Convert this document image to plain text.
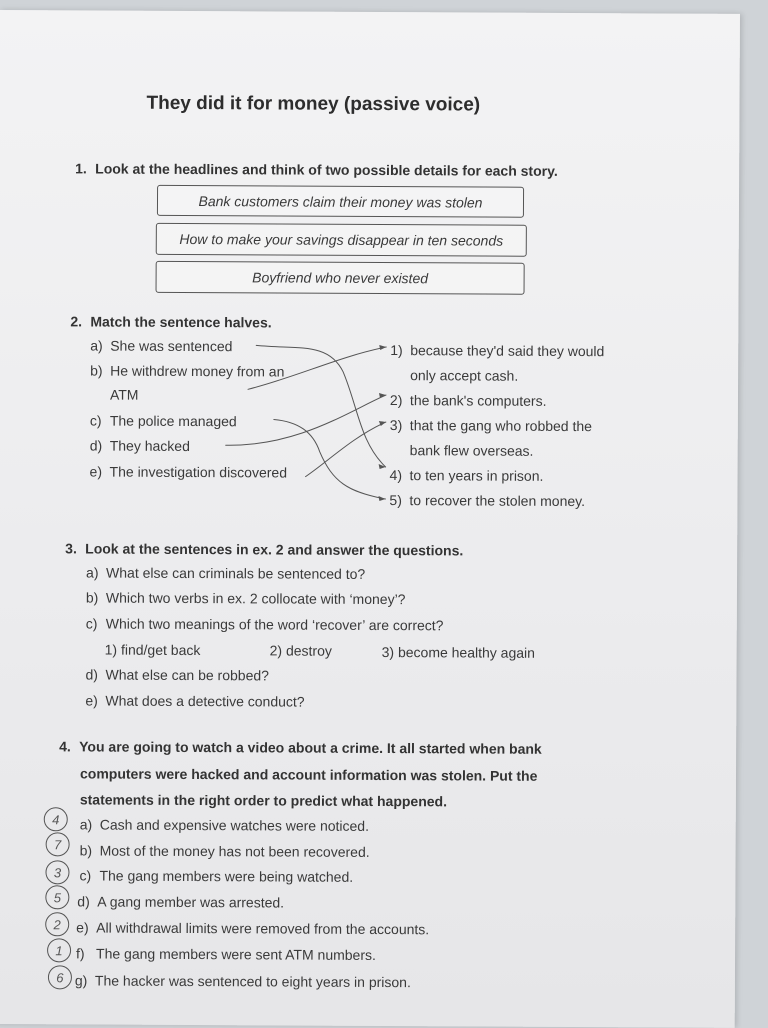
They did it for money (passive voice)
1. Look at the headlines and think of two possible details for each story.
Bank customers claim their money was stolen
How to make your savings disappear in ten seconds
Boyfriend who never existed
2. Match the sentence halves.
a) She was sentenced
b) He withdrew money from an
ATM
c) The police managed
d) They hacked
e) The investigation discovered
1) because they'd said they would
only accept cash.
2) the bank's computers.
3) that the gang who robbed the
bank flew overseas.
4) to ten years in prison.
5) to recover the stolen money.
3. Look at the sentences in ex. 2 and answer the questions.
a) What else can criminals be sentenced to?
b) Which two verbs in ex. 2 collocate with ‘money’?
c) Which two meanings of the word ‘recover’ are correct?
1) find/get back	2) destroy	3) become healthy again
d) What else can be robbed?
e) What does a detective conduct?
4. You are going to watch a video about a crime. It all started when bank
computers were hacked and account information was stolen. Put the
statements in the right order to predict what happened.
4	a) Cash and expensive watches were noticed.
7	b) Most of the money has not been recovered.
3	c) The gang members were being watched.
5	d) A gang member was arrested.
2	e) All withdrawal limits were removed from the accounts.
1 f) The gang members were sent ATM numbers.
6 g) The hacker was sentenced to eight years in prison.
